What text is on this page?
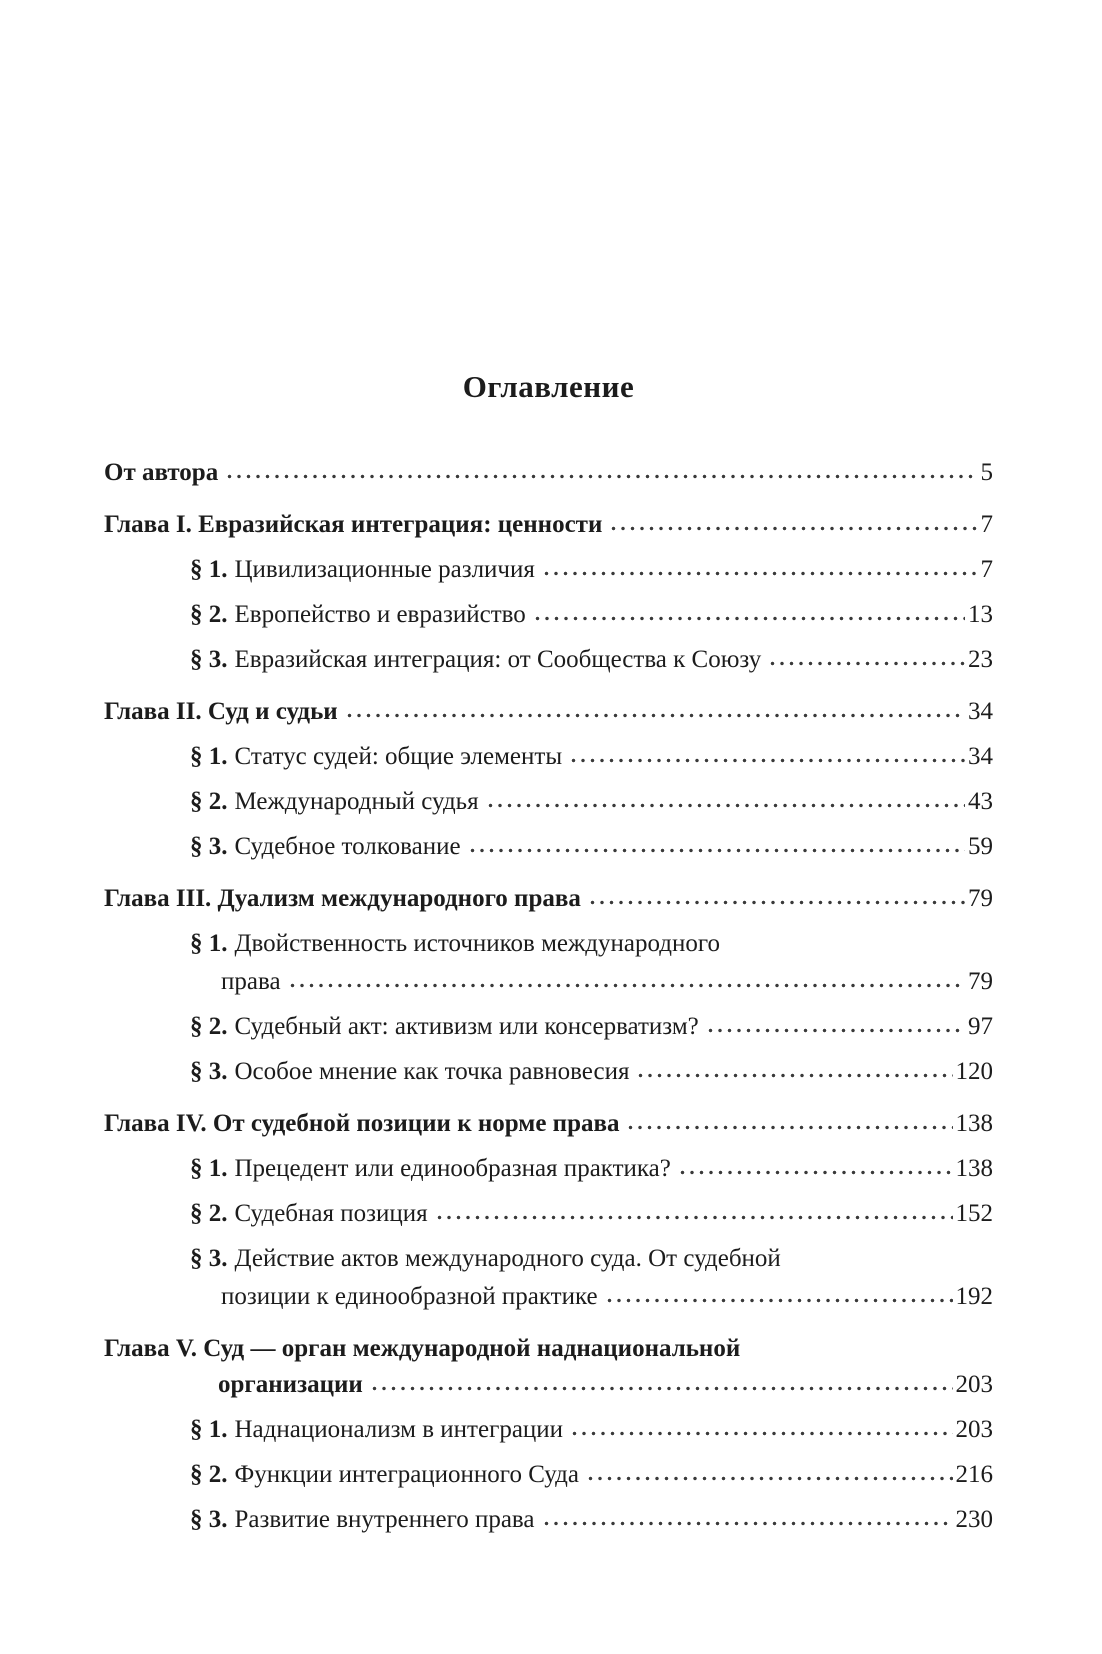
Оглавление
От автора	5
Глава I. Евразийская интеграция: ценности	7
§ 1. Цивилизационные различия	7
§ 2. Европейство и евразийство	13
§ 3. Евразийская интеграция: от Сообщества к Союзу	23
Глава II. Суд и судьи	34
§ 1. Статус судей: общие элементы	34
§ 2. Международный судья	43
§ 3. Судебное толкование	59
Глава III. Дуализм международного права	79
§ 1. Двойственность источников международного
права	79
§ 2. Судебный акт: активизм или консерватизм?	97
§ 3. Особое мнение как точка равновесия	120
Глава IV. От судебной позиции к норме права	138
§ 1. Прецедент или единообразная практика?	138
§ 2. Судебная позиция	152
§ 3. Действие актов международного суда. От судебной
позиции к единообразной практике	192
Глава V. Суд — орган международной наднациональной
организации	203
§ 1. Наднационализм в интеграции	203
§ 2. Функции интеграционного Суда	216
§ 3. Развитие внутреннего права	230
